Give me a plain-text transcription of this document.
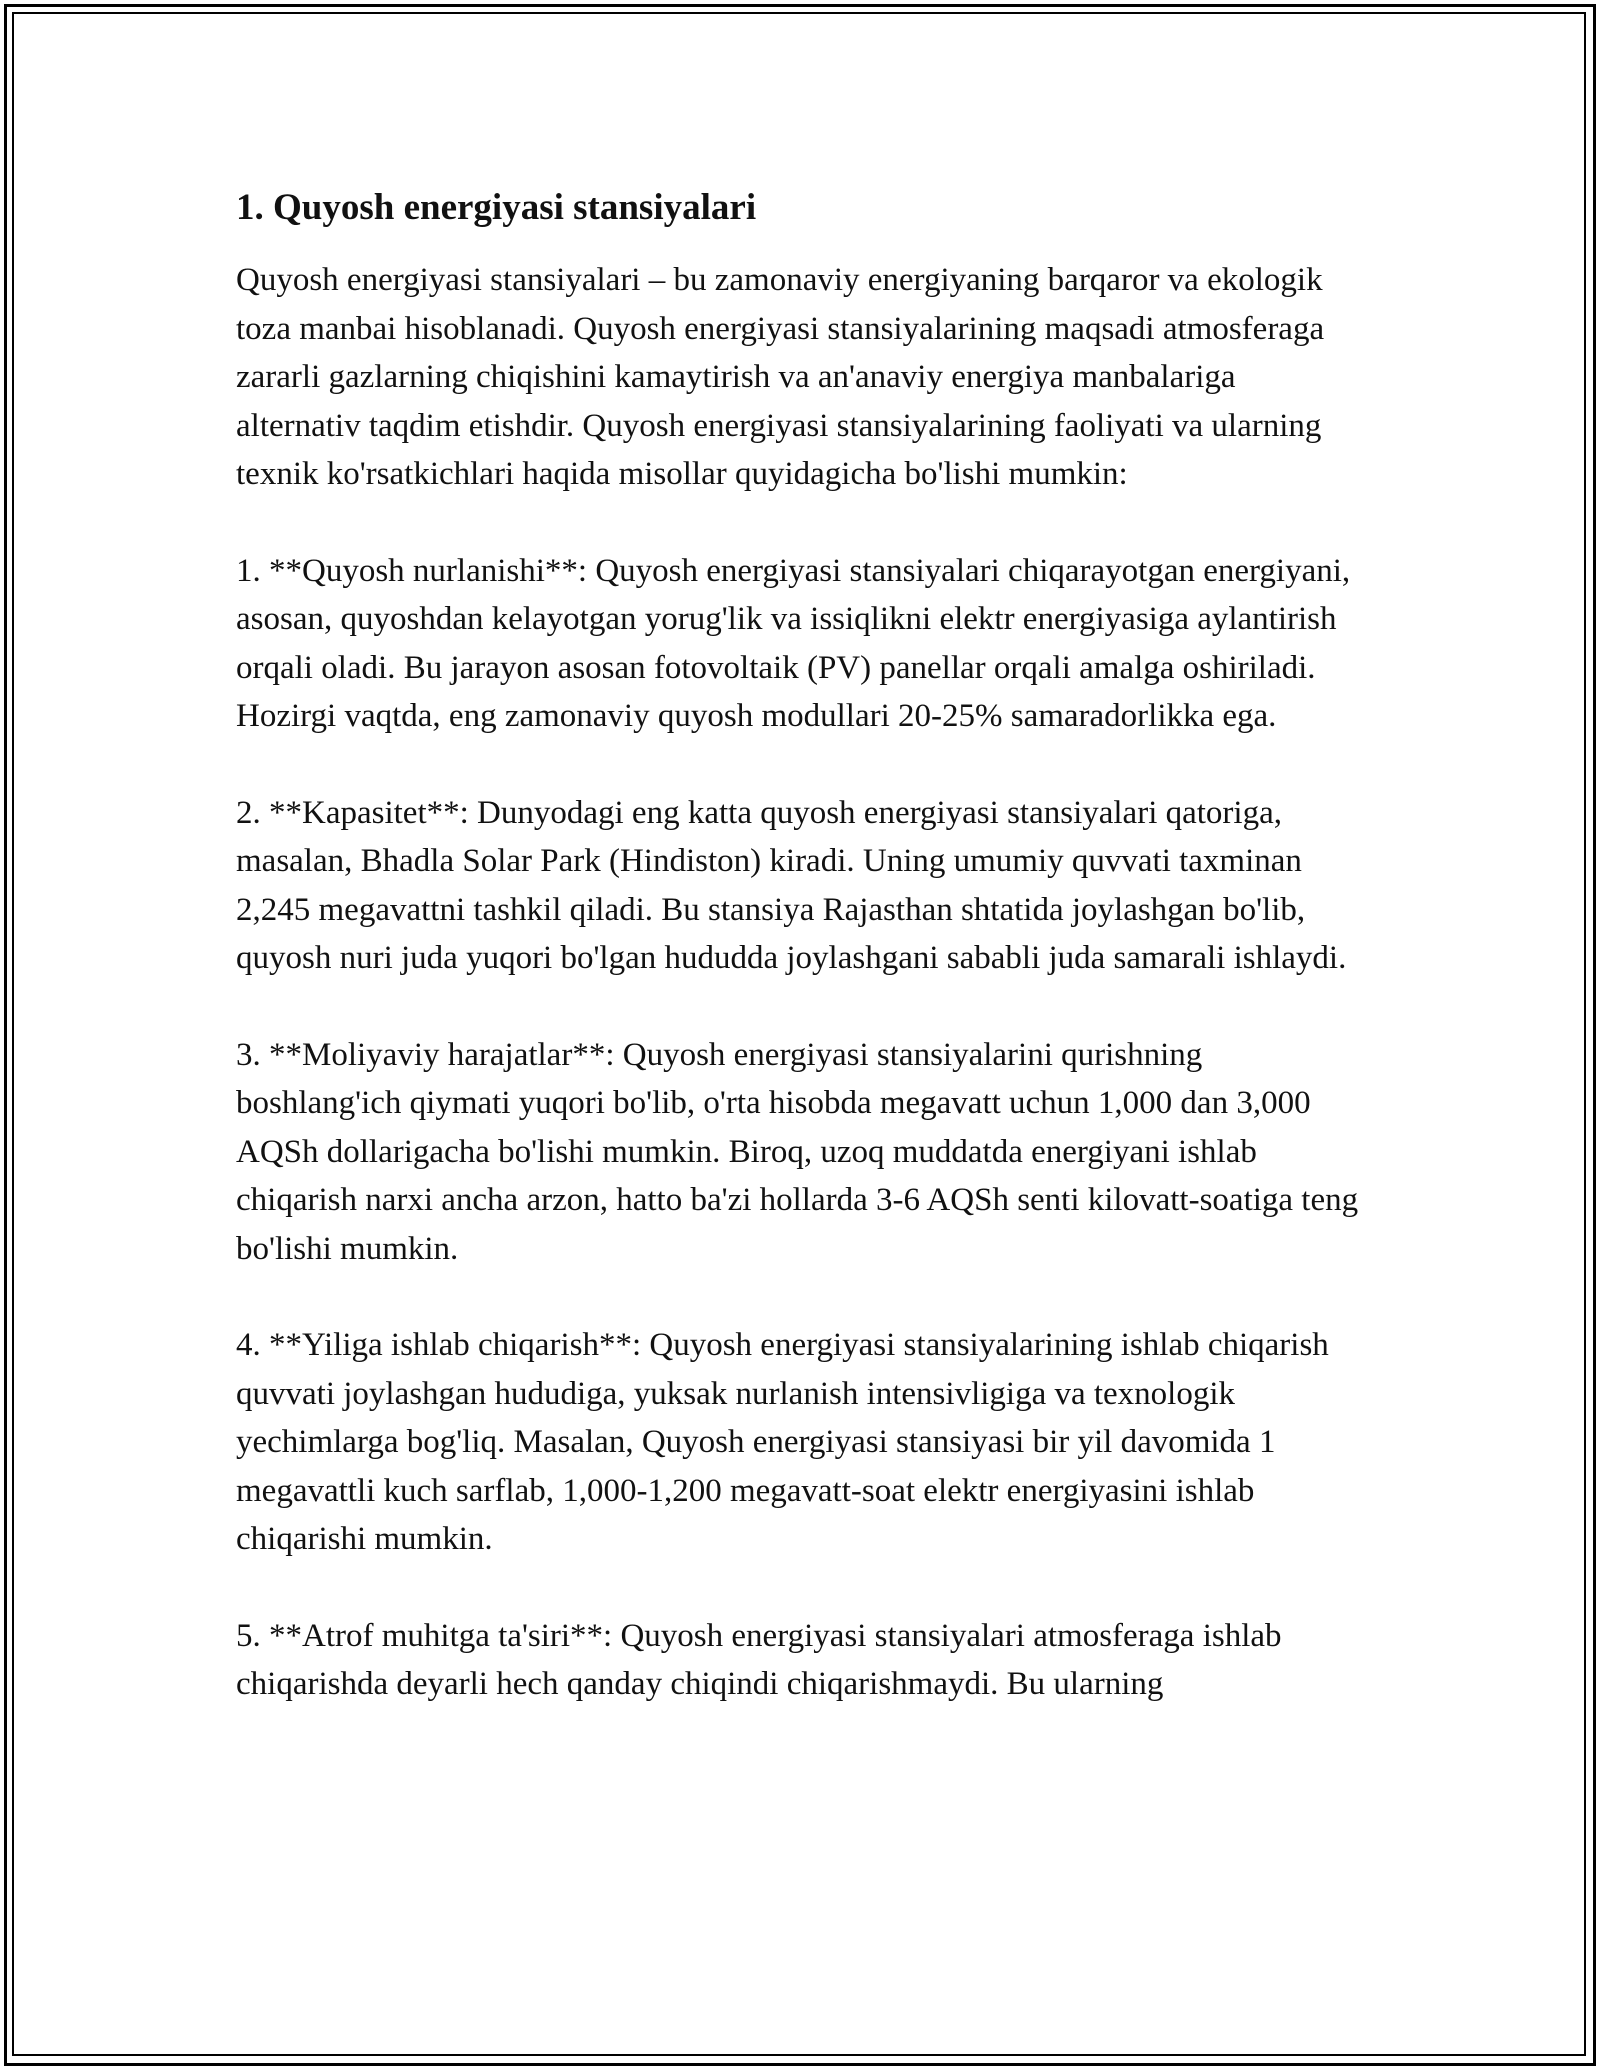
1. Quyosh energiyasi stansiyalari

Quyosh energiyasi stansiyalari – bu zamonaviy energiyaning barqaror va ekologik toza manbai hisoblanadi. Quyosh energiyasi stansiyalarining maqsadi atmosferaga zararli gazlarning chiqishini kamaytirish va an'anaviy energiya manbalariga alternativ taqdim etishdir. Quyosh energiyasi stansiyalarining faoliyati va ularning texnik ko'rsatkichlari haqida misollar quyidagicha bo'lishi mumkin:

1. **Quyosh nurlanishi**: Quyosh energiyasi stansiyalari chiqarayotgan energiyani, asosan, quyoshdan kelayotgan yorug'lik va issiqlikni elektr energiyasiga aylantirish orqali oladi. Bu jarayon asosan fotovoltaik (PV) panellar orqali amalga oshiriladi. Hozirgi vaqtda, eng zamonaviy quyosh modullari 20-25% samaradorlikka ega.

2. **Kapasitet**: Dunyodagi eng katta quyosh energiyasi stansiyalari qatoriga, masalan, Bhadla Solar Park (Hindiston) kiradi. Uning umumiy quvvati taxminan 2,245 megavattni tashkil qiladi. Bu stansiya Rajasthan shtatida joylashgan bo'lib, quyosh nuri juda yuqori bo'lgan hududda joylashgani sababli juda samarali ishlaydi.

3. **Moliyaviy harajatlar**: Quyosh energiyasi stansiyalarini qurishning boshlang'ich qiymati yuqori bo'lib, o'rta hisobda megavatt uchun 1,000 dan 3,000 AQSh dollarigacha bo'lishi mumkin. Biroq, uzoq muddatda energiyani ishlab chiqarish narxi ancha arzon, hatto ba'zi hollarda 3-6 AQSh senti kilovatt-soatiga teng bo'lishi mumkin.

4. **Yiliga ishlab chiqarish**: Quyosh energiyasi stansiyalarining ishlab chiqarish quvvati joylashgan hududiga, yuksak nurlanish intensivligiga va texnologik yechimlarga bog'liq. Masalan, Quyosh energiyasi stansiyasi bir yil davomida 1 megavattli kuch sarflab, 1,000-1,200 megavatt-soat elektr energiyasini ishlab chiqarishi mumkin.

5. **Atrof muhitga ta'siri**: Quyosh energiyasi stansiyalari atmosferaga ishlab chiqarishda deyarli hech qanday chiqindi chiqarishmaydi. Bu ularning
